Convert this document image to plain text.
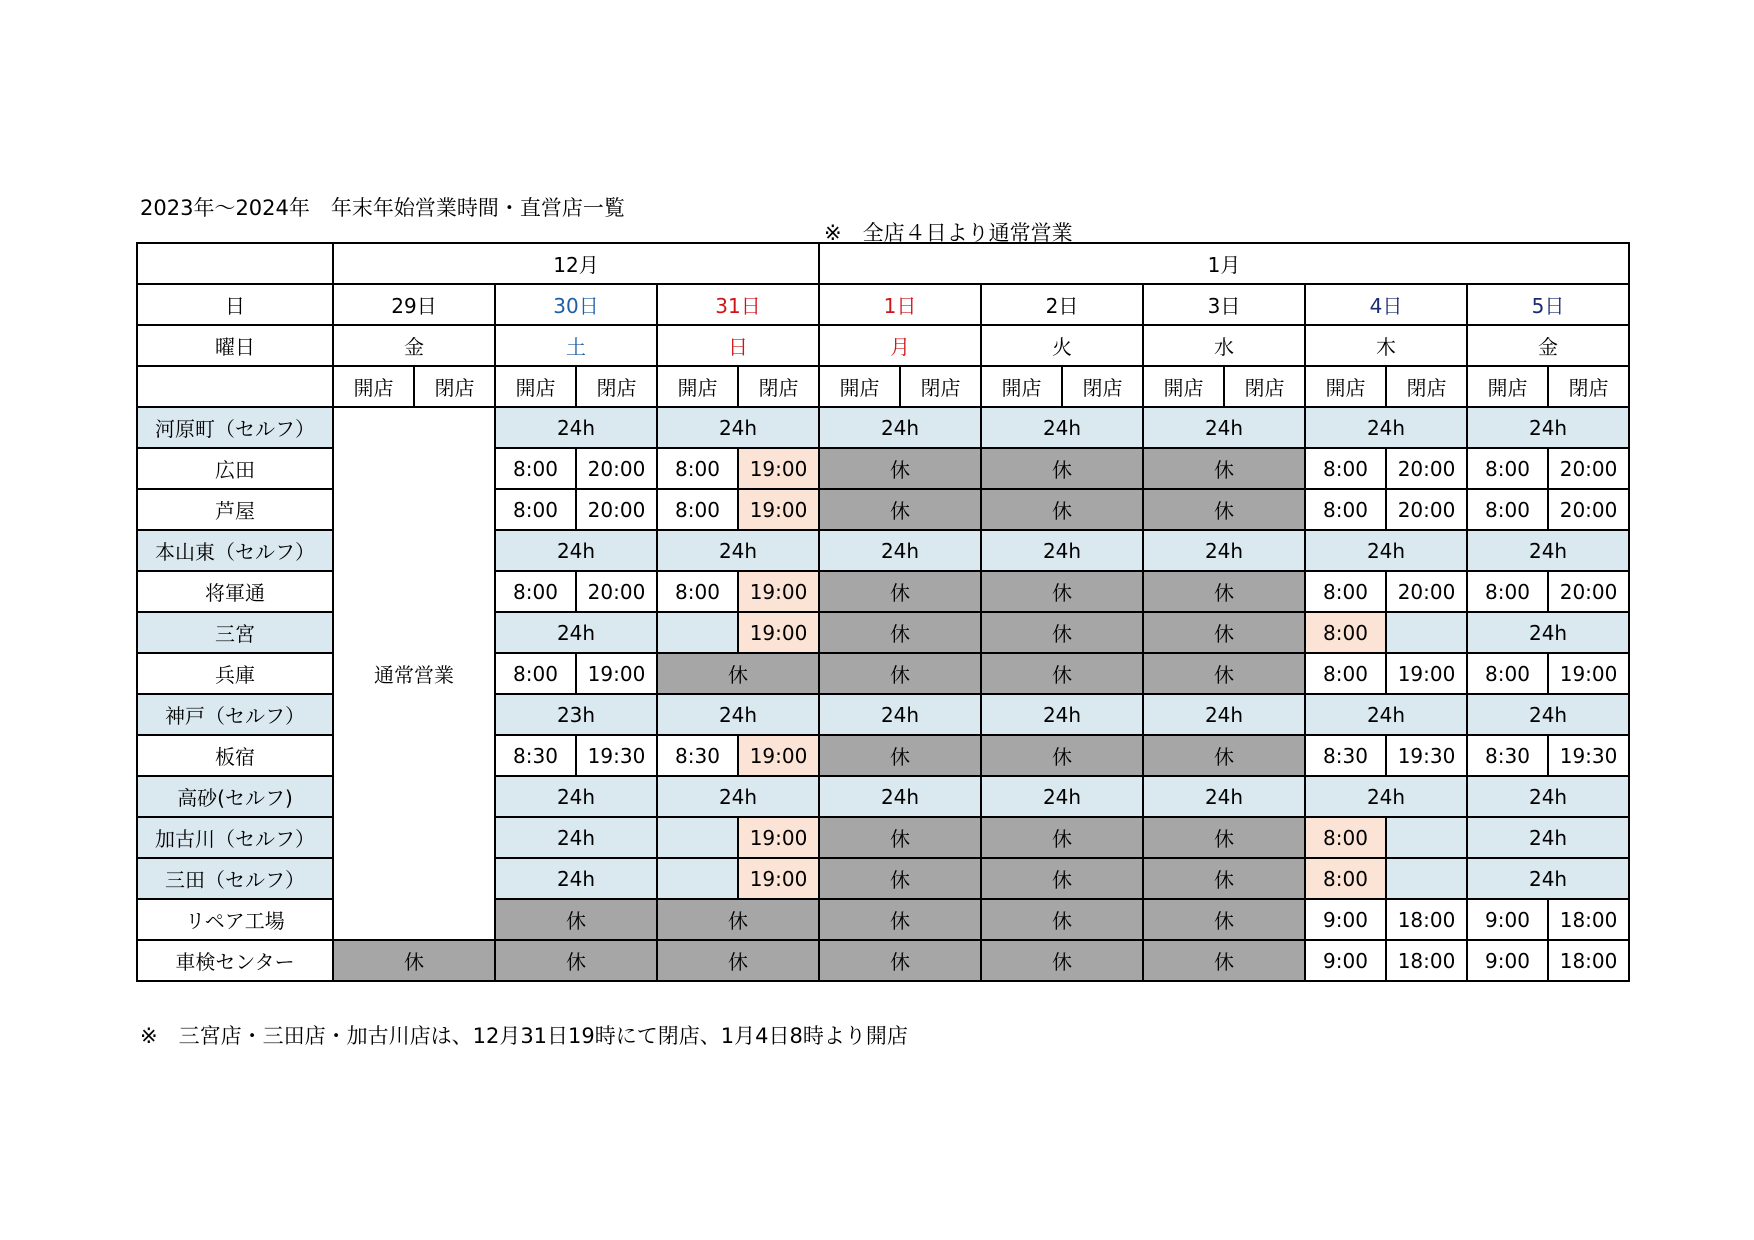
2023年～2024年　年末年始営業時間・直営店一覧
※　全店４日より通常営業
	12月						1月									
日	29日		30日		31日		1日		2日		3日		4日		5日	
曜日	金		土		日		月		火		水		木		金	
	開店	閉店	開店	閉店	開店	閉店	開店	閉店	開店	閉店	開店	閉店	開店	閉店	開店	閉店
河原町（セルフ）	通常営業		24h		24h		24h		24h		24h		24h		24h	
広田			8:00	20:00	8:00	19:00	休		休		休		8:00	20:00	8:00	20:00
芦屋			8:00	20:00	8:00	19:00	休		休		休		8:00	20:00	8:00	20:00
本山東（セルフ）			24h		24h		24h		24h		24h		24h		24h	
将軍通			8:00	20:00	8:00	19:00	休		休		休		8:00	20:00	8:00	20:00
三宮			24h			19:00	休		休		休		8:00		24h	
兵庫			8:00	19:00	休		休		休		休		8:00	19:00	8:00	19:00
神戸（セルフ）			23h		24h		24h		24h		24h		24h		24h	
板宿			8:30	19:30	8:30	19:00	休		休		休		8:30	19:30	8:30	19:30
高砂(セルフ)			24h		24h		24h		24h		24h		24h		24h	
加古川（セルフ）			24h			19:00	休		休		休		8:00		24h	
三田（セルフ）			24h			19:00	休		休		休		8:00		24h	
リペア工場			休		休		休		休		休		9:00	18:00	9:00	18:00
車検センター	休		休		休		休		休		休		9:00	18:00	9:00	18:00
※　三宮店・三田店・加古川店は、12月31日19時にて閉店、1月4日8時より開店
